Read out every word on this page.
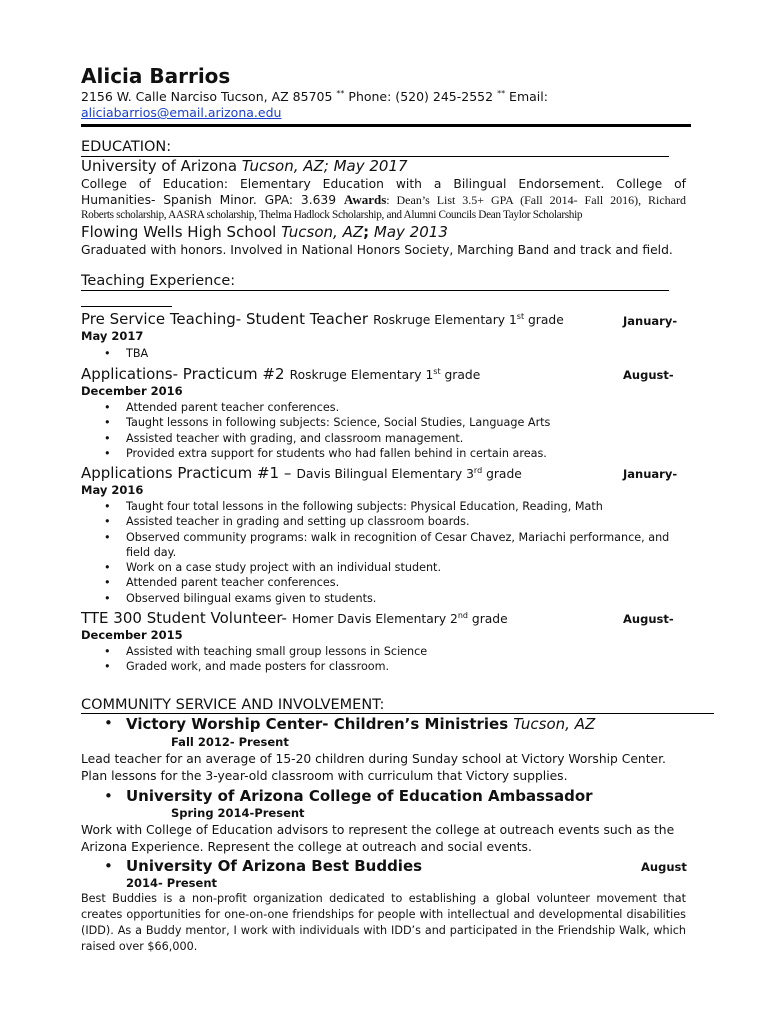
Alicia Barrios
2156 W. Calle Narciso Tucson, AZ 85705 ** Phone: (520) 245-2552 ** Email:
aliciabarrios@email.arizona.edu
EDUCATION:
University of Arizona Tucson, AZ; May 2017
College of Education: Elementary Education with a Bilingual Endorsement. College of
Humanities- Spanish Minor. GPA: 3.639 Awards: Dean’s List 3.5+ GPA (Fall 2014- Fall 2016), Richard
Roberts scholarship, AASRA scholarship, Thelma Hadlock Scholarship, and Alumni Councils Dean Taylor Scholarship
Flowing Wells High School Tucson, AZ; May 2013
Graduated with honors. Involved in National Honors Society, Marching Band and track and field.
Teaching Experience:
Pre Service Teaching- Student Teacher Roskruge Elementary 1st grade	January-
May 2017
• TBA
Applications- Practicum #2 Roskruge Elementary 1st grade	August-
December 2016
• Attended parent teacher conferences.
• Taught lessons in following subjects: Science, Social Studies, Language Arts
• Assisted teacher with grading, and classroom management.
• Provided extra support for students who had fallen behind in certain areas.
Applications Practicum #1 – Davis Bilingual Elementary 3rd grade	January-
May 2016
• Taught four total lessons in the following subjects: Physical Education, Reading, Math
• Assisted teacher in grading and setting up classroom boards.
• Observed community programs: walk in recognition of Cesar Chavez, Mariachi performance, and field day.
• Work on a case study project with an individual student.
• Attended parent teacher conferences.
• Observed bilingual exams given to students.
TTE 300 Student Volunteer- Homer Davis Elementary 2nd grade	August-
December 2015
• Assisted with teaching small group lessons in Science
• Graded work, and made posters for classroom.
COMMUNITY SERVICE AND INVOLVEMENT:
• Victory Worship Center- Children’s Ministries Tucson, AZ
Fall 2012- Present
Lead teacher for an average of 15-20 children during Sunday school at Victory Worship Center.
Plan lessons for the 3-year-old classroom with curriculum that Victory supplies.
• University of Arizona College of Education Ambassador
Spring 2014-Present
Work with College of Education advisors to represent the college at outreach events such as the
Arizona Experience. Represent the college at outreach and social events.
• University Of Arizona Best Buddies	August
2014- Present
Best Buddies is a non-profit organization dedicated to establishing a global volunteer movement that
creates opportunities for one-on-one friendships for people with intellectual and developmental disabilities
(IDD). As a Buddy mentor, I work with individuals with IDD’s and participated in the Friendship Walk, which
raised over $66,000.
